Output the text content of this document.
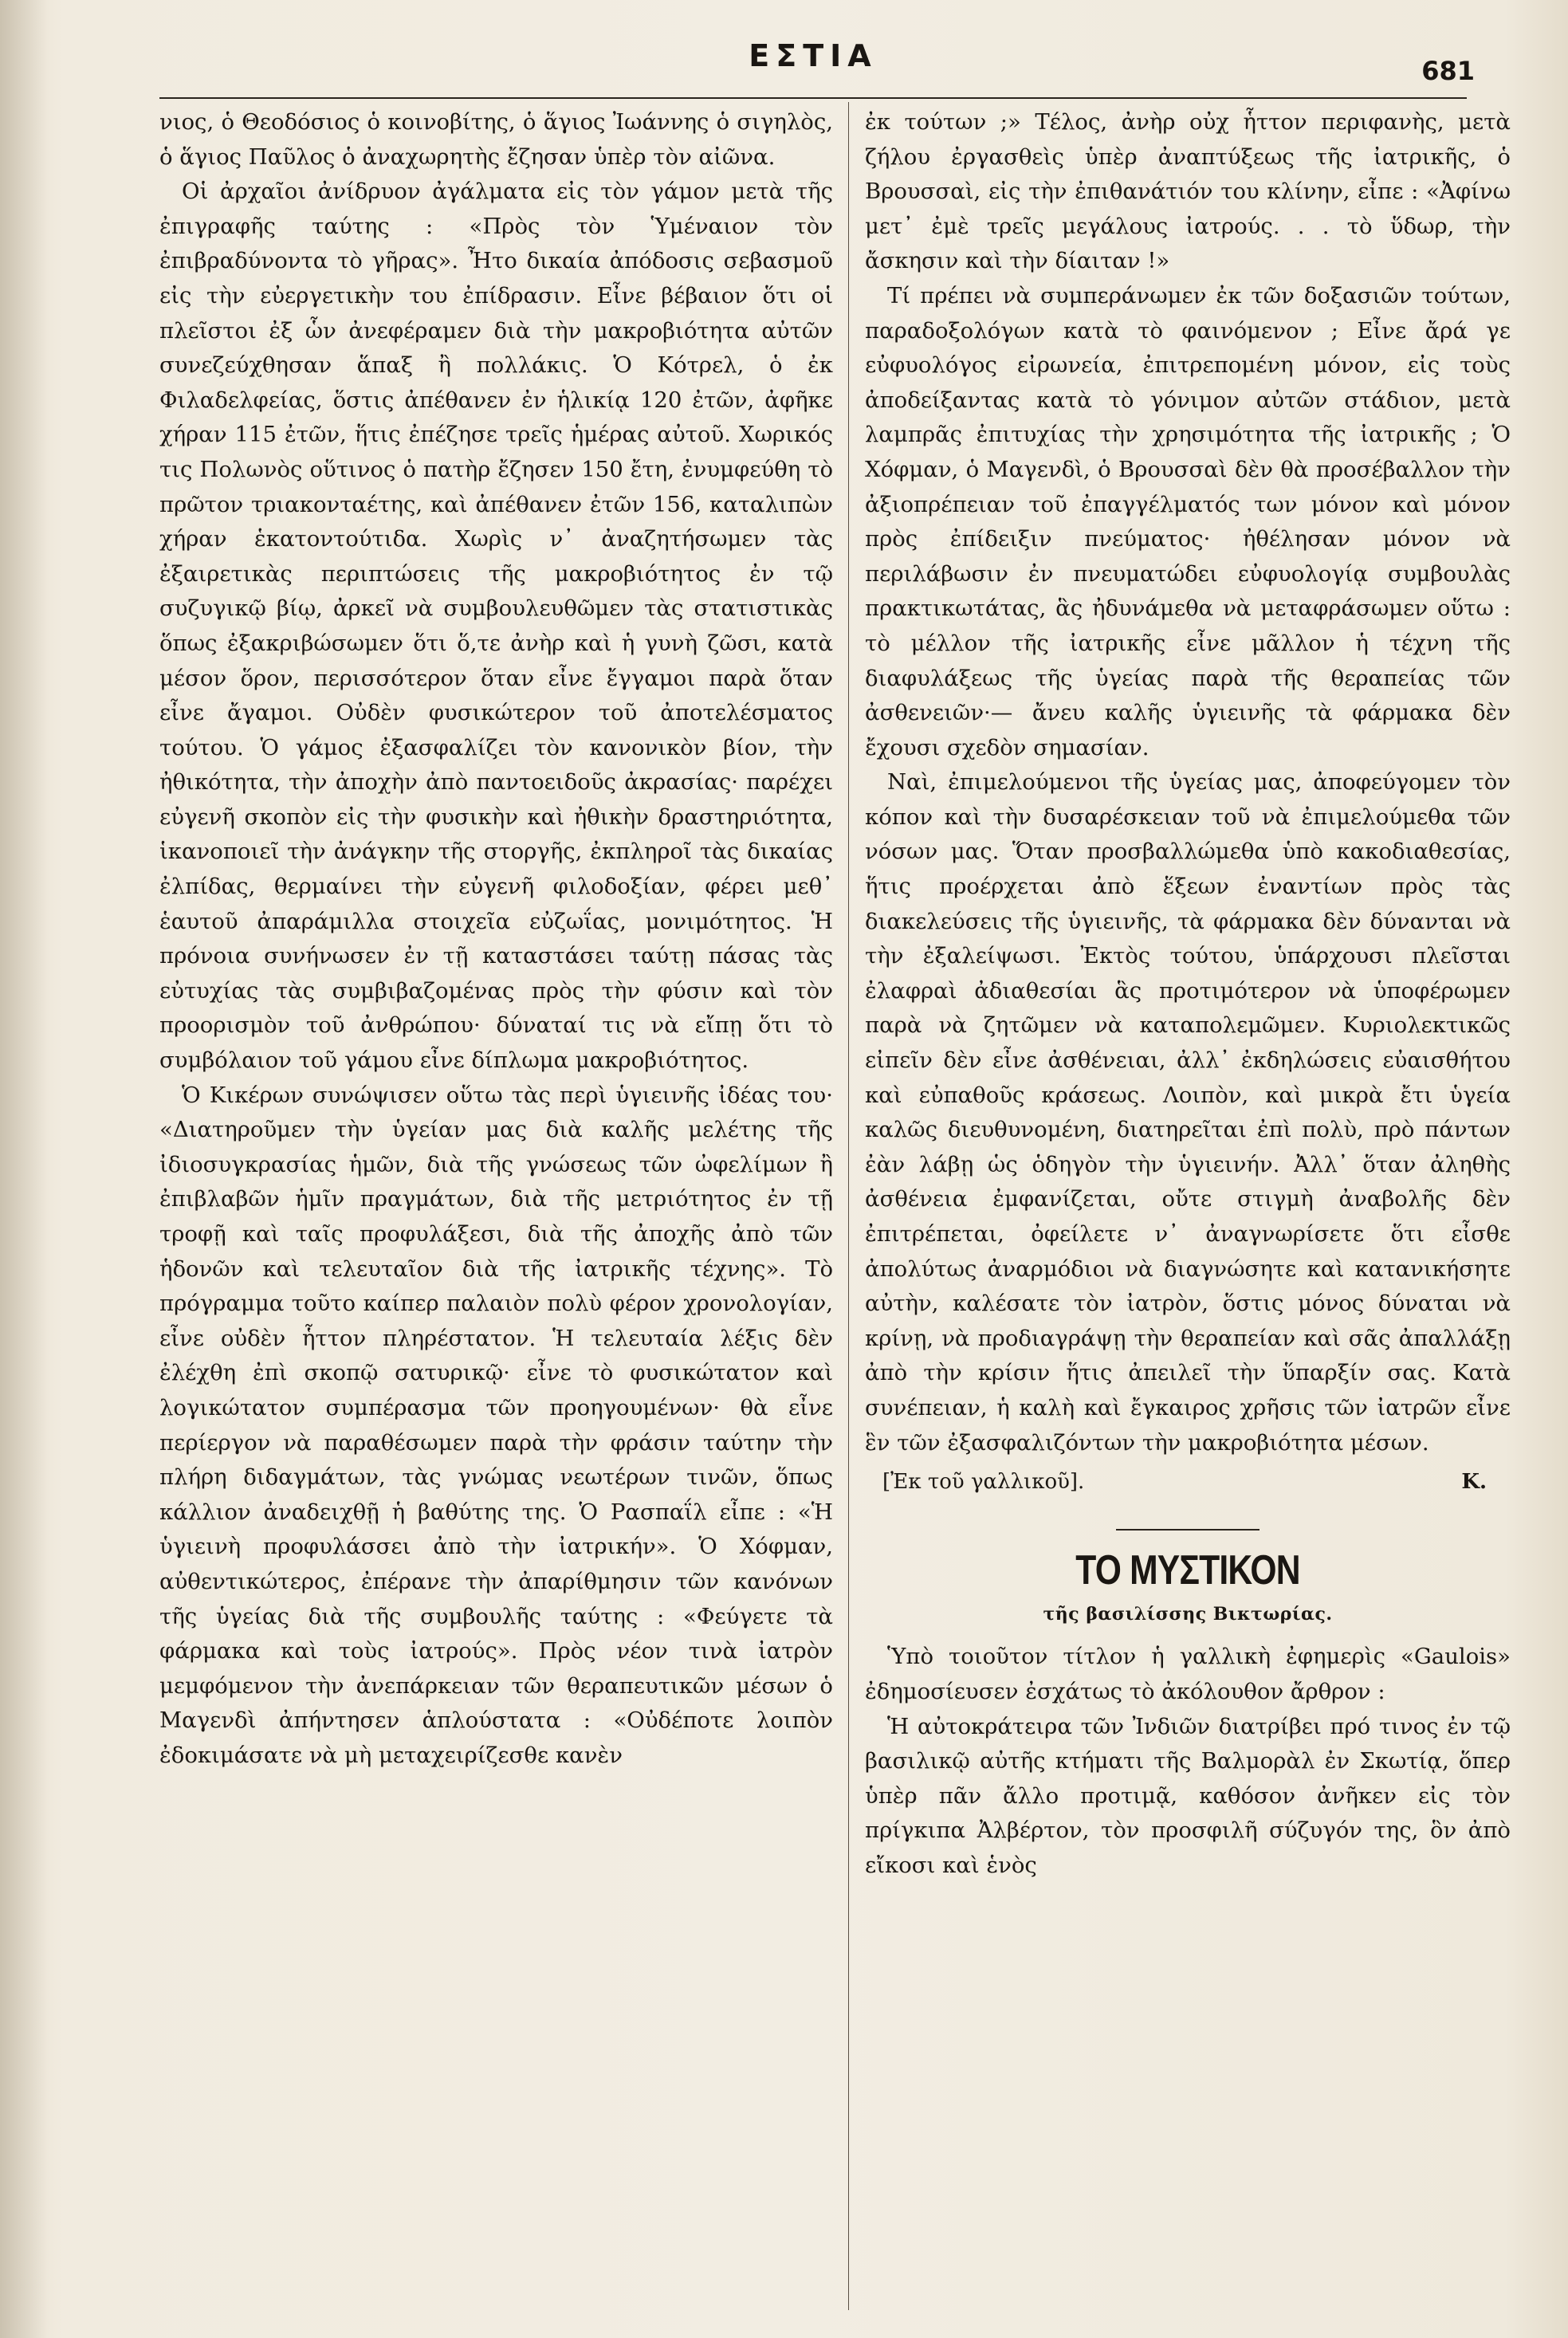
ΕΣΤΙΑ	681

νιος, ὁ Θεοδόσιος ὁ κοινοβίτης, ὁ ἅγιος Ἰωάννης ὁ σιγηλὸς, ὁ ἅγιος Παῦλος ὁ ἀναχωρητὴς ἔζησαν ὑπὲρ τὸν αἰῶνα.

Οἱ ἀρχαῖοι ἀνίδρυον ἀγάλματα εἰς τὸν γάμον μετὰ τῆς ἐπιγραφῆς ταύτης : «Πρὸς τὸν Ὑμέναιον τὸν ἐπιβραδύνοντα τὸ γῆρας». Ἦτο δικαία ἀπόδοσις σεβασμοῦ εἰς τὴν εὐεργετικὴν του ἐπίδρασιν. Εἶνε βέβαιον ὅτι οἱ πλεῖστοι ἐξ ὧν ἀνεφέραμεν διὰ τὴν μακροβιότητα αὐτῶν συνεζεύχθησαν ἅπαξ ἢ πολλάκις. Ὁ Κότρελ, ὁ ἐκ Φιλαδελφείας, ὅστις ἀπέθανεν ἐν ἡλικίᾳ 120 ἐτῶν, ἀφῆκε χήραν 115 ἐτῶν, ἥτις ἐπέζησε τρεῖς ἡμέρας αὐτοῦ. Χωρικός τις Πολωνὸς οὕτινος ὁ πατὴρ ἔζησεν 150 ἔτη, ἐνυμφεύθη τὸ πρῶτον τριακονταέτης, καὶ ἀπέθανεν ἐτῶν 156, καταλιπὼν χήραν ἑκατοντούτιδα. Χωρὶς ν᾽ ἀναζητήσωμεν τὰς ἐξαιρετικὰς περιπτώσεις τῆς μακροβιότητος ἐν τῷ συζυγικῷ βίῳ, ἀρκεῖ νὰ συμβουλευθῶμεν τὰς στατιστικὰς ὅπως ἐξακριβώσωμεν ὅτι ὅ,τε ἀνὴρ καὶ ἡ γυνὴ ζῶσι, κατὰ μέσον ὅρον, περισσότερον ὅταν εἶνε ἔγγαμοι παρὰ ὅταν εἶνε ἄγαμοι. Οὐδὲν φυσικώτερον τοῦ ἀποτελέσματος τούτου. Ὁ γάμος ἐξασφαλίζει τὸν κανονικὸν βίον, τὴν ἠθικότητα, τὴν ἀποχὴν ἀπὸ παντοειδοῦς ἀκρασίας· παρέχει εὐγενῆ σκοπὸν εἰς τὴν φυσικὴν καὶ ἠθικὴν δραστηριότητα, ἱκανοποιεῖ τὴν ἀνάγκην τῆς στοργῆς, ἐκπληροῖ τὰς δικαίας ἐλπίδας, θερμαίνει τὴν εὐγενῆ φιλοδοξίαν, φέρει μεθ᾽ ἑαυτοῦ ἀπαράμιλλα στοιχεῖα εὐζωΐας, μονιμότητος. Ἡ πρόνοια συνήνωσεν ἐν τῇ καταστάσει ταύτῃ πάσας τὰς εὐτυχίας τὰς συμβιβαζομένας πρὸς τὴν φύσιν καὶ τὸν προορισμὸν τοῦ ἀνθρώπου· δύναταί τις νὰ εἴπῃ ὅτι τὸ συμβόλαιον τοῦ γάμου εἶνε δίπλωμα μακροβιότητος.

Ὁ Κικέρων συνώψισεν οὕτω τὰς περὶ ὑγιεινῆς ἰδέας του· «Διατηροῦμεν τὴν ὑγείαν μας διὰ καλῆς μελέτης τῆς ἰδιοσυγκρασίας ἡμῶν, διὰ τῆς γνώσεως τῶν ὠφελίμων ἢ ἐπιβλαβῶν ἡμῖν πραγμάτων, διὰ τῆς μετριότητος ἐν τῇ τροφῇ καὶ ταῖς προφυλάξεσι, διὰ τῆς ἀποχῆς ἀπὸ τῶν ἡδονῶν καὶ τελευταῖον διὰ τῆς ἰατρικῆς τέχνης». Τὸ πρόγραμμα τοῦτο καίπερ παλαιὸν πολὺ φέρον χρονολογίαν, εἶνε οὐδὲν ἧττον πληρέστατον. Ἡ τελευταία λέξις δὲν ἐλέχθη ἐπὶ σκοπῷ σατυρικῷ· εἶνε τὸ φυσικώτατον καὶ λογικώτατον συμπέρασμα τῶν προηγουμένων· θὰ εἶνε περίεργον νὰ παραθέσωμεν παρὰ τὴν φράσιν ταύτην τὴν πλήρη διδαγμάτων, τὰς γνώμας νεωτέρων τινῶν, ὅπως κάλλιον ἀναδειχθῇ ἡ βαθύτης της. Ὁ Ρασπαΐλ εἶπε : «Ἡ ὑγιεινὴ προφυλάσσει ἀπὸ τὴν ἰατρικήν». Ὁ Χόφμαν, αὐθεντικώτερος, ἐπέρανε τὴν ἀπαρίθμησιν τῶν κανόνων τῆς ὑγείας διὰ τῆς συμβουλῆς ταύτης : «Φεύγετε τὰ φάρμακα καὶ τοὺς ἰατρούς». Πρὸς νέον τινὰ ἰατρὸν μεμφόμενον τὴν ἀνεπάρκειαν τῶν θεραπευτικῶν μέσων ὁ Μαγενδὶ ἀπήντησεν ἁπλούστατα : «Οὐδέποτε λοιπὸν ἐδοκιμάσατε νὰ μὴ μεταχειρίζεσθε κανὲν

ἐκ τούτων ;» Τέλος, ἀνὴρ οὐχ ἧττον περιφανὴς, μετὰ ζήλου ἐργασθεὶς ὑπὲρ ἀναπτύξεως τῆς ἰατρικῆς, ὁ Βρουσσαὶ, εἰς τὴν ἐπιθανάτιόν του κλίνην, εἶπε : «Ἀφίνω μετ᾽ ἐμὲ τρεῖς μεγάλους ἰατρούς. . . τὸ ὕδωρ, τὴν ἄσκησιν καὶ τὴν δίαιταν !»

Τί πρέπει νὰ συμπεράνωμεν ἐκ τῶν δοξασιῶν τούτων, παραδοξολόγων κατὰ τὸ φαινόμενον ; Εἶνε ἄρά γε εὐφυολόγος εἰρωνεία, ἐπιτρεπομένη μόνον, εἰς τοὺς ἀποδείξαντας κατὰ τὸ γόνιμον αὐτῶν στάδιον, μετὰ λαμπρᾶς ἐπιτυχίας τὴν χρησιμότητα τῆς ἰατρικῆς ; Ὁ Χόφμαν, ὁ Μαγενδὶ, ὁ Βρουσσαὶ δὲν θὰ προσέβαλλον τὴν ἀξιοπρέπειαν τοῦ ἐπαγγέλματός των μόνον καὶ μόνον πρὸς ἐπίδειξιν πνεύματος· ἠθέλησαν μόνον νὰ περιλάβωσιν ἐν πνευματώδει εὐφυολογίᾳ συμβουλὰς πρακτικωτάτας, ἃς ἠδυνάμεθα νὰ μεταφράσωμεν οὕτω : τὸ μέλλον τῆς ἰατρικῆς εἶνε μᾶλλον ἡ τέχνη τῆς διαφυλάξεως τῆς ὑγείας παρὰ τῆς θεραπείας τῶν ἀσθενειῶν·— ἄνευ καλῆς ὑγιεινῆς τὰ φάρμακα δὲν ἔχουσι σχεδὸν σημασίαν.

Ναὶ, ἐπιμελούμενοι τῆς ὑγείας μας, ἀποφεύγομεν τὸν κόπον καὶ τὴν δυσαρέσκειαν τοῦ νὰ ἐπιμελούμεθα τῶν νόσων μας. Ὅταν προσβαλλώμεθα ὑπὸ κακοδιαθεσίας, ἥτις προέρχεται ἀπὸ ἕξεων ἐναντίων πρὸς τὰς διακελεύσεις τῆς ὑγιεινῆς, τὰ φάρμακα δὲν δύνανται νὰ τὴν ἐξαλείψωσι. Ἐκτὸς τούτου, ὑπάρχουσι πλεῖσται ἐλαφραὶ ἀδιαθεσίαι ἃς προτιμότερον νὰ ὑποφέρωμεν παρὰ νὰ ζητῶμεν νὰ καταπολεμῶμεν. Κυριολεκτικῶς εἰπεῖν δὲν εἶνε ἀσθένειαι, ἀλλ᾽ ἐκδηλώσεις εὐαισθήτου καὶ εὐπαθοῦς κράσεως. Λοιπὸν, καὶ μικρὰ ἔτι ὑγεία καλῶς διευθυνομένη, διατηρεῖται ἐπὶ πολὺ, πρὸ πάντων ἐὰν λάβῃ ὡς ὁδηγὸν τὴν ὑγιεινήν. Ἀλλ᾽ ὅταν ἀληθὴς ἀσθένεια ἐμφανίζεται, οὔτε στιγμὴ ἀναβολῆς δὲν ἐπιτρέπεται, ὀφείλετε ν᾽ ἀναγνωρίσετε ὅτι εἶσθε ἀπολύτως ἀναρμόδιοι νὰ διαγνώσητε καὶ κατανικήσητε αὐτὴν, καλέσατε τὸν ἰατρὸν, ὅστις μόνος δύναται νὰ κρίνῃ, νὰ προδιαγράψῃ τὴν θεραπείαν καὶ σᾶς ἀπαλλάξῃ ἀπὸ τὴν κρίσιν ἥτις ἀπειλεῖ τὴν ὕπαρξίν σας. Κατὰ συνέπειαν, ἡ καλὴ καὶ ἔγκαιρος χρῆσις τῶν ἰατρῶν εἶνε ἓν τῶν ἐξασφαλιζόντων τὴν μακροβιότητα μέσων.

[Ἐκ τοῦ γαλλικοῦ].	Κ.
ΤΟ ΜΥΣΤΙΚΟΝ
τῆς βασιλίσσης Βικτωρίας.

Ὑπὸ τοιοῦτον τίτλον ἡ γαλλικὴ ἐφημερὶς «Gaulois» ἐδημοσίευσεν ἐσχάτως τὸ ἀκόλουθον ἄρθρον :

Ἡ αὐτοκράτειρα τῶν Ἰνδιῶν διατρίβει πρό τινος ἐν τῷ βασιλικῷ αὐτῆς κτήματι τῆς Βαλμορὰλ ἐν Σκωτίᾳ, ὅπερ ὑπὲρ πᾶν ἄλλο προτιμᾷ, καθόσον ἀνῆκεν εἰς τὸν πρίγκιπα Ἀλβέρτον, τὸν προσφιλῆ σύζυγόν της, ὃν ἀπὸ εἴκοσι καὶ ἑνὸς
